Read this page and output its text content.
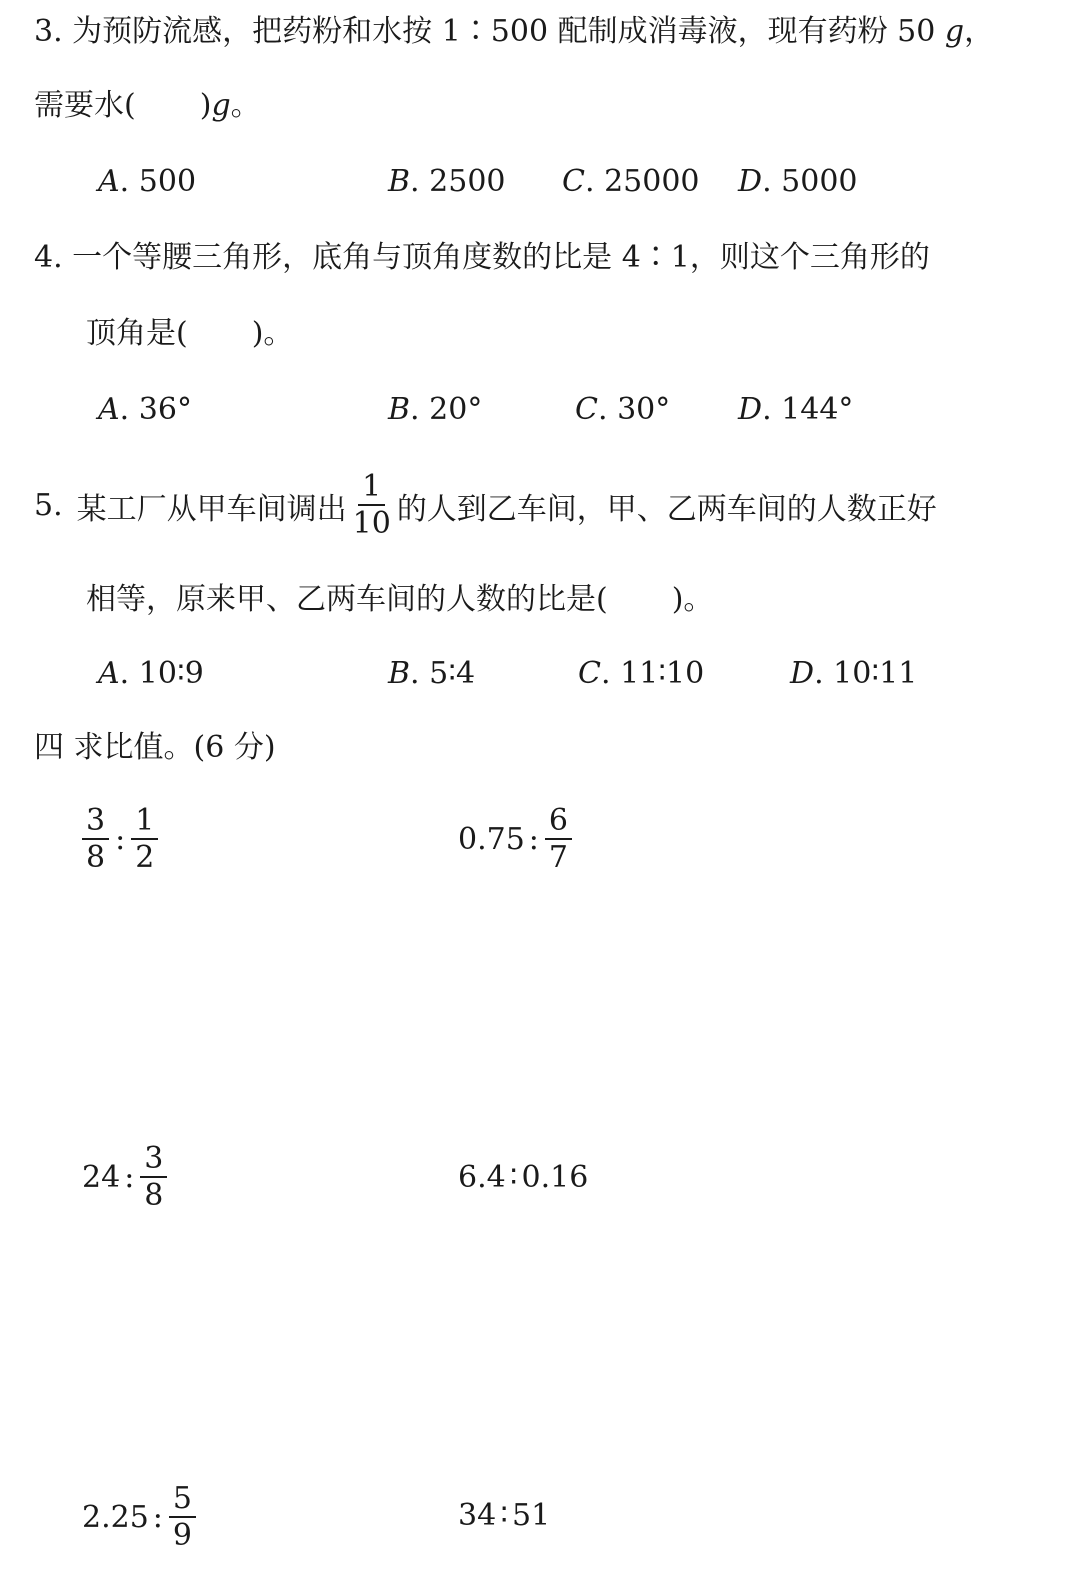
3. 为预防流感，把药粉和水按 1∶500 配制成消毒液，现有药粉 50 g，
需要水( )g。
A. 500	B. 2500 C. 25000 D. 5000
4. 一个等腰三角形，底角与顶角度数的比是 4∶1，则这个三角形的
顶角是( )。
A. 36°	B. 20°	C. 30° D. 144°
5. 某工厂从甲车间调出 $\frac{1}{10}$ 的人到乙车间，甲、乙两车间的人数正好
相等，原来甲、乙两车间的人数的比是( )。
A. 10∶9	B. 5∶4	C. 11∶10	D. 10∶11
四 求比值。(6 分)
$\frac{3}{8}$ : $\frac{1}{2}$	0.75 : $\frac{6}{7}$
24 : $\frac{3}{8}$	6.4 ∶ 0.16
2.25 : $\frac{5}{9}$	34 ∶ 51
